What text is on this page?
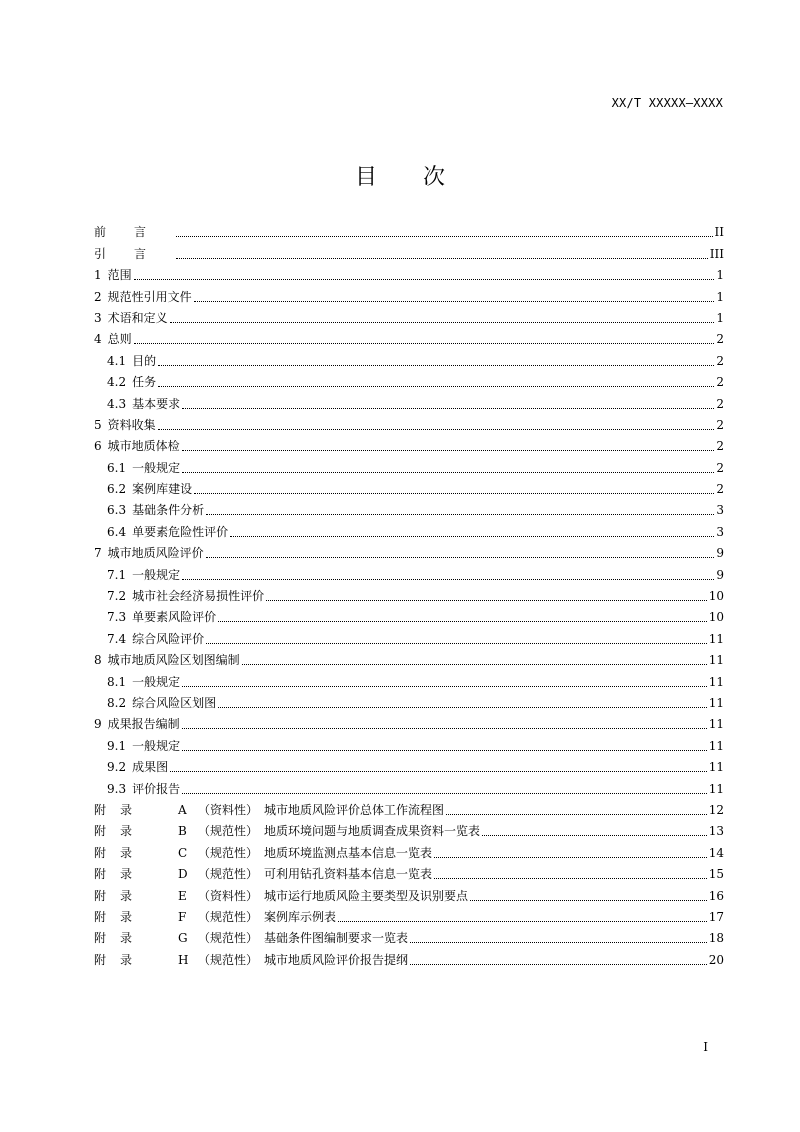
XX/T XXXXX—XXXX
目次
前言	II
引言	III
1 范围	1
2 规范性引用文件	1
3 术语和定义	1
4 总则	2
4.1 目的	2
4.2 任务	2
4.3 基本要求	2
5 资料收集	2
6 城市地质体检	2
6.1 一般规定	2
6.2 案例库建设	2
6.3 基础条件分析	3
6.4 单要素危险性评价	3
7 城市地质风险评价	9
7.1 一般规定	9
7.2 城市社会经济易损性评价	10
7.3 单要素风险评价	10
7.4 综合风险评价	11
8 城市地质风险区划图编制	11
8.1 一般规定	11
8.2 综合风险区划图	11
9 成果报告编制	11
9.1 一般规定	11
9.2 成果图	11
9.3 评价报告	11
附录	A （资料性） 城市地质风险评价总体工作流程图	12
附录	B （规范性） 地质环境问题与地质调查成果资料一览表	13
附录	C （规范性） 地质环境监测点基本信息一览表	14
附录	D （规范性） 可利用钻孔资料基本信息一览表	15
附录	E （资料性） 城市运行地质风险主要类型及识别要点	16
附录	F （规范性） 案例库示例表	17
附录	G （规范性） 基础条件图编制要求一览表	18
附录	H （规范性） 城市地质风险评价报告提纲	20
I
